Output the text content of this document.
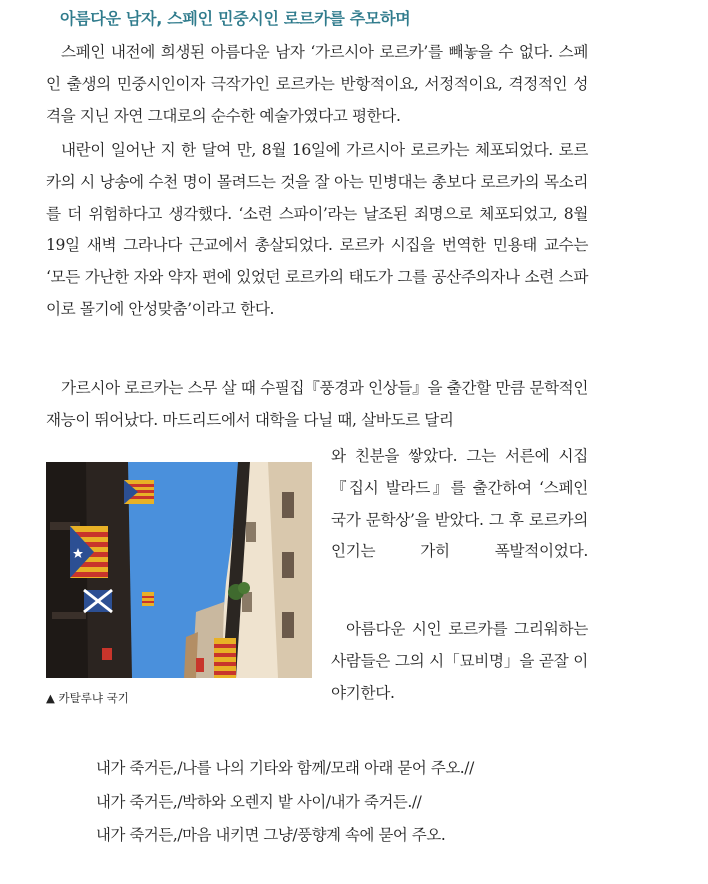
아름다운 남자, 스페인 민중시인 로르카를 추모하며

스페인 내전에 희생된 아름다운 남자 ‘가르시아 로르카’를 빼놓을 수 없다. 스페인 출생의 민중시인이자 극작가인 로르카는 반항적이요, 서정적이요, 격정적인 성격을 지닌 자연 그대로의 순수한 예술가였다고 평한다.

내란이 일어난 지 한 달여 만, 8월 16일에 가르시아 로르카는 체포되었다. 로르카의 시 낭송에 수천 명이 몰려드는 것을 잘 아는 민병대는 총보다 로르카의 목소리를 더 위험하다고 생각했다. ‘소련 스파이’라는 날조된 죄명으로 체포되었고, 8월 19일 새벽 그라나다 근교에서 총살되었다. 로르카 시집을 번역한 민용태 교수는 ‘모든 가난한 자와 약자 편에 있었던 로르카의 태도가 그를 공산주의자나 소련 스파이로 몰기에 안성맞춤’이라고 한다.

가르시아 로르카는 스무 살 때 수필집『풍경과 인상들』을 출간할 만큼 문학적인 재능이 뛰어났다. 마드리드에서 대학을 다닐 때, 살바도르 달리

▲ 카탈루냐 국기

와 친분을 쌓았다. 그는 서른에 시집『집시 발라드』를 출간하여 ‘스페인 국가 문학상’을 받았다. 그 후 로르카의 인기는 가히 폭발적이었다.

아름다운 시인 로르카를 그리워하는 사람들은 그의 시「묘비명」을 곧잘 이야기한다.

내가 죽거든,/나를 나의 기타와 함께/모래 아래 묻어 주오.//

내가 죽거든,/박하와 오렌지 밭 사이/내가 죽거든.//

내가 죽거든,/마음 내키면 그냥/풍향계 속에 묻어 주오.
